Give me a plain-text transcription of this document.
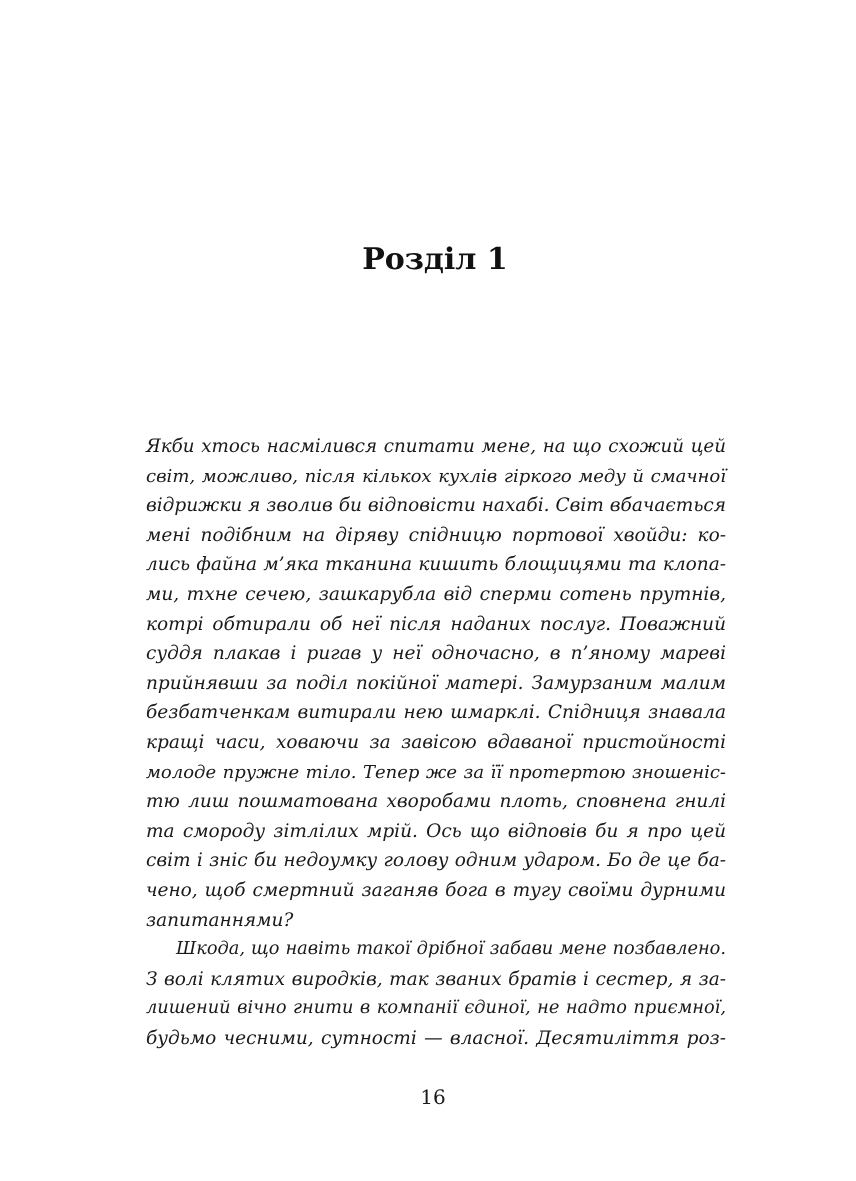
Розділ 1
Якби хтось насмілився спитати мене, на що схожий цей
світ, можливо, після кількох кухлів гіркого меду й смачної
відрижки я зволив би відповісти нахабі. Світ вбачається
мені подібним на діряву спідницю портової хвойди: ко-
лись файна м’яка тканина кишить блощицями та клопа-
ми, тхне сечею, зашкарубла від сперми сотень прутнів,
котрі обтирали об неї після наданих послуг. Поважний
суддя плакав і ригав у неї одночасно, в п’яному мареві
прийнявши за поділ покійної матері. Замурзаним малим
безбатченкам витирали нею шмарклі. Спідниця знавала
кращі часи, ховаючи за завісою вдаваної пристойності
молоде пружне тіло. Тепер же за її протертою зношеніс-
тю лиш пошматована хворобами плоть, сповнена гнилі
та смороду зітлілих мрій. Ось що відповів би я про цей
світ і зніс би недоумку голову одним ударом. Бо де це ба-
чено, щоб смертний заганяв бога в тугу своїми дурними
запитаннями?
Шкода, що навіть такої дрібної забави мене позбавлено.
З волі клятих виродків, так званих братів і сестер, я за-
лишений вічно гнити в компанії єдиної, не надто приємної,
будьмо чесними, сутності — власної. Десятиліття роз-
16
